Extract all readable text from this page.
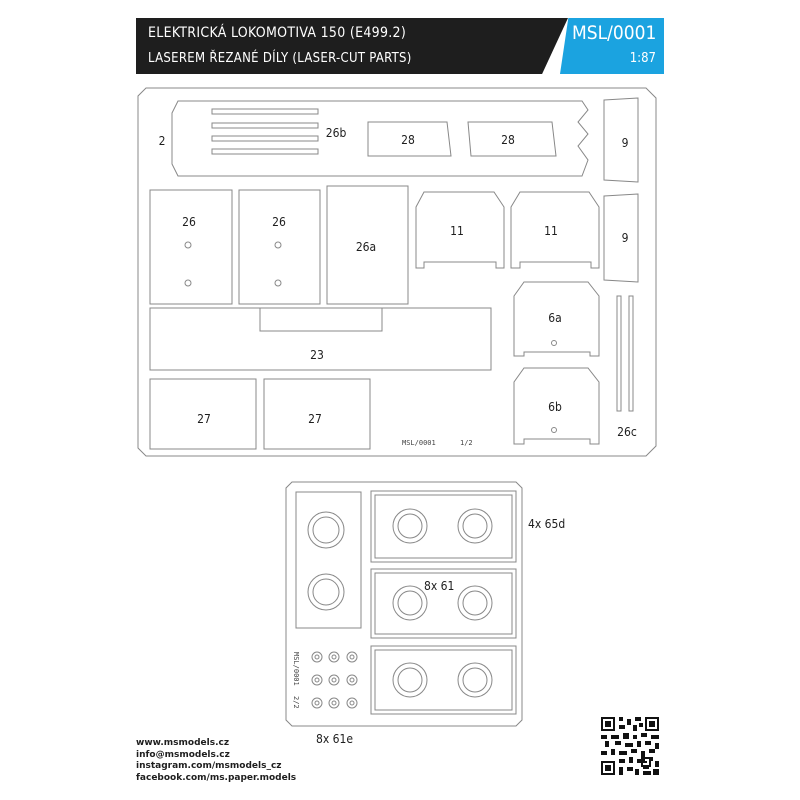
ELEKTRICKÁ LOKOMOTIVA 150 (E499.2)
LASEREM ŘEZANÉ DÍLY (LASER-CUT PARTS)
MSL/0001
1:87
2
26b	28	28	9
26	26
26a
11	11	9
6a
23
27	27
6b
26c
MSL/0001	1/2
4x 65d
8x 61
8x 61e
MSL/0001
2/2
www.msmodels.cz
info@msmodels.cz
instagram.com/msmodels_cz
facebook.com/ms.paper.models
